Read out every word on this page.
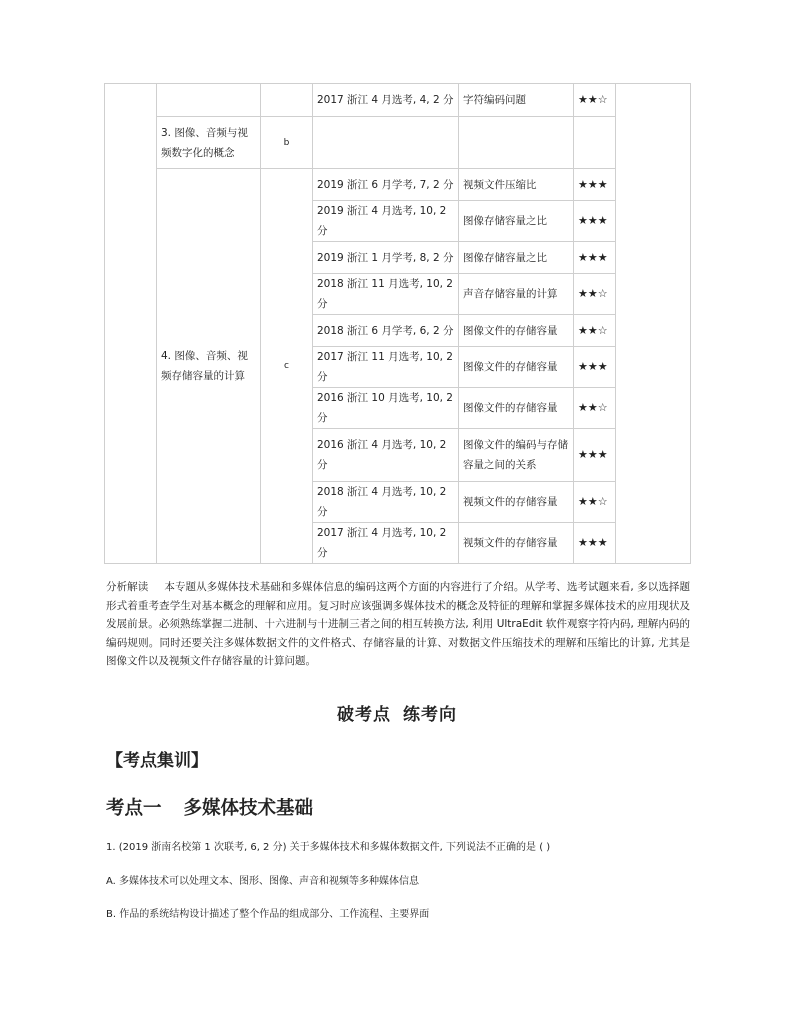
			2017 浙江 4 月选考, 4, 2 分	字符编码问题	★★☆	
	3. 图像、音频与视频数字化的概念	b				
	4. 图像、音频、视频存储容量的计算	c	2019 浙江 6 月学考, 7, 2 分	视频文件压缩比	★★★	
			2019 浙江 4 月选考, 10, 2 分	图像存储容量之比	★★★	
			2019 浙江 1 月学考, 8, 2 分	图像存储容量之比	★★★	
			2018 浙江 11 月选考, 10, 2 分	声音存储容量的计算	★★☆	
			2018 浙江 6 月学考, 6, 2 分	图像文件的存储容量	★★☆	
			2017 浙江 11 月选考, 10, 2 分	图像文件的存储容量	★★★	
			2016 浙江 10 月选考, 10, 2 分	图像文件的存储容量	★★☆	
			2016 浙江 4 月选考, 10, 2 分	图像文件的编码与存储容量之间的关系	★★★	
			2018 浙江 4 月选考, 10, 2 分	视频文件的存储容量	★★☆	
			2017 浙江 4 月选考, 10, 2 分	视频文件的存储容量	★★★	
分析解读 本专题从多媒体技术基础和多媒体信息的编码这两个方面的内容进行了介绍。从学考、选考试题来看, 多以选择题形式着重考查学生对基本概念的理解和应用。复习时应该强调多媒体技术的概念及特征的理解和掌握多媒体技术的应用现状及发展前景。必须熟练掌握二进制、十六进制与十进制三者之间的相互转换方法, 利用 UltraEdit 软件观察字符内码, 理解内码的编码规则。同时还要关注多媒体数据文件的文件格式、存储容量的计算、对数据文件压缩技术的理解和压缩比的计算, 尤其是图像文件以及视频文件存储容量的计算问题。
破考点 练考向
【考点集训】
考点一 多媒体技术基础
1. (2019 浙南名校第 1 次联考, 6, 2 分) 关于多媒体技术和多媒体数据文件, 下列说法不正确的是 ( )
A. 多媒体技术可以处理文本、图形、图像、声音和视频等多种媒体信息
B. 作品的系统结构设计描述了整个作品的组成部分、工作流程、主要界面
